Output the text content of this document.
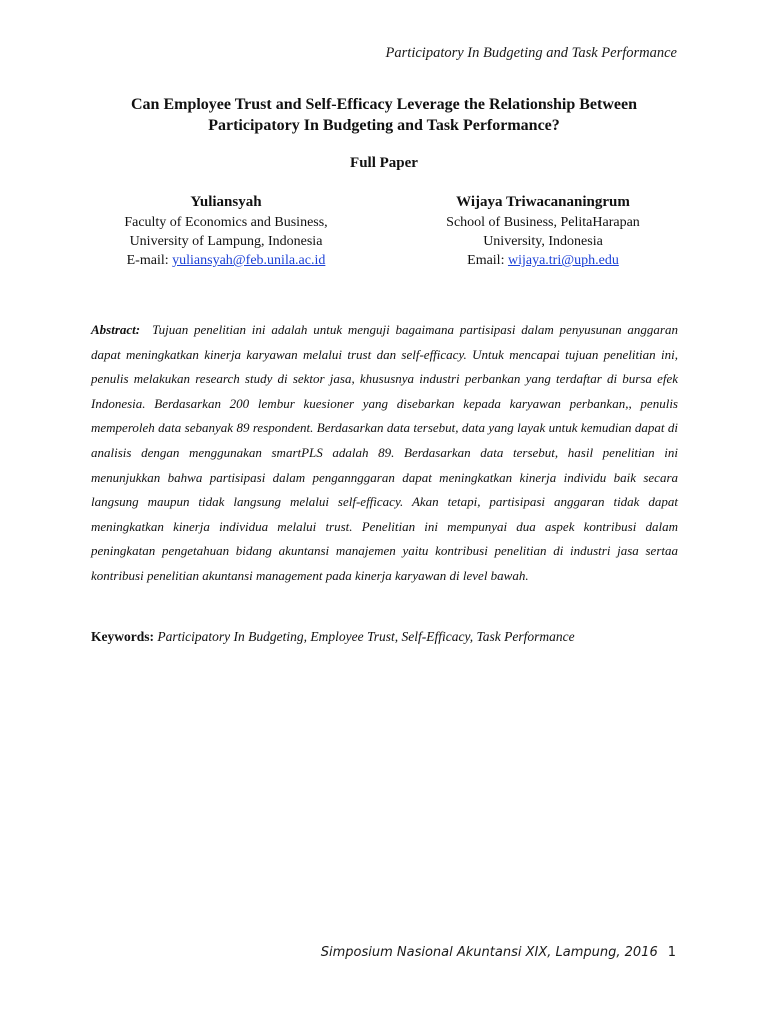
Participatory In Budgeting and Task Performance
Can Employee Trust and Self-Efficacy Leverage the Relationship Between
Participatory In Budgeting and Task Performance?
Full Paper
Yuliansyah
Faculty of Economics and Business,
University of Lampung, Indonesia
E-mail: yuliansyah@feb.unila.ac.id
Wijaya Triwacananingrum
School of Business, PelitaHarapan
University, Indonesia
Email: wijaya.tri@uph.edu
Abstract: Tujuan penelitian ini adalah untuk menguji bagaimana partisipasi dalam penyusunan anggaran dapat meningkatkan kinerja karyawan melalui trust dan self-efficacy. Untuk mencapai tujuan penelitian ini, penulis melakukan research study di sektor jasa, khususnya industri perbankan yang terdaftar di bursa efek Indonesia. Berdasarkan 200 lembur kuesioner yang disebarkan kepada karyawan perbankan,, penulis memperoleh data sebanyak 89 respondent. Berdasarkan data tersebut, data yang layak untuk kemudian dapat di analisis dengan menggunakan smartPLS adalah 89. Berdasarkan data tersebut, hasil penelitian ini menunjukkan bahwa partisipasi dalam pengannggaran dapat meningkatkan kinerja individu baik secara langsung maupun tidak langsung melalui self-efficacy. Akan tetapi, partisipasi anggaran tidak dapat meningkatkan kinerja individua melalui trust. Penelitian ini mempunyai dua aspek kontribusi dalam peningkatan pengetahuan bidang akuntansi manajemen yaitu kontribusi penelitian di industri jasa sertaa kontribusi penelitian akuntansi management pada kinerja karyawan di level bawah.
Keywords: Participatory In Budgeting, Employee Trust, Self-Efficacy, Task Performance
Simposium Nasional Akuntansi XIX, Lampung, 2016 1
